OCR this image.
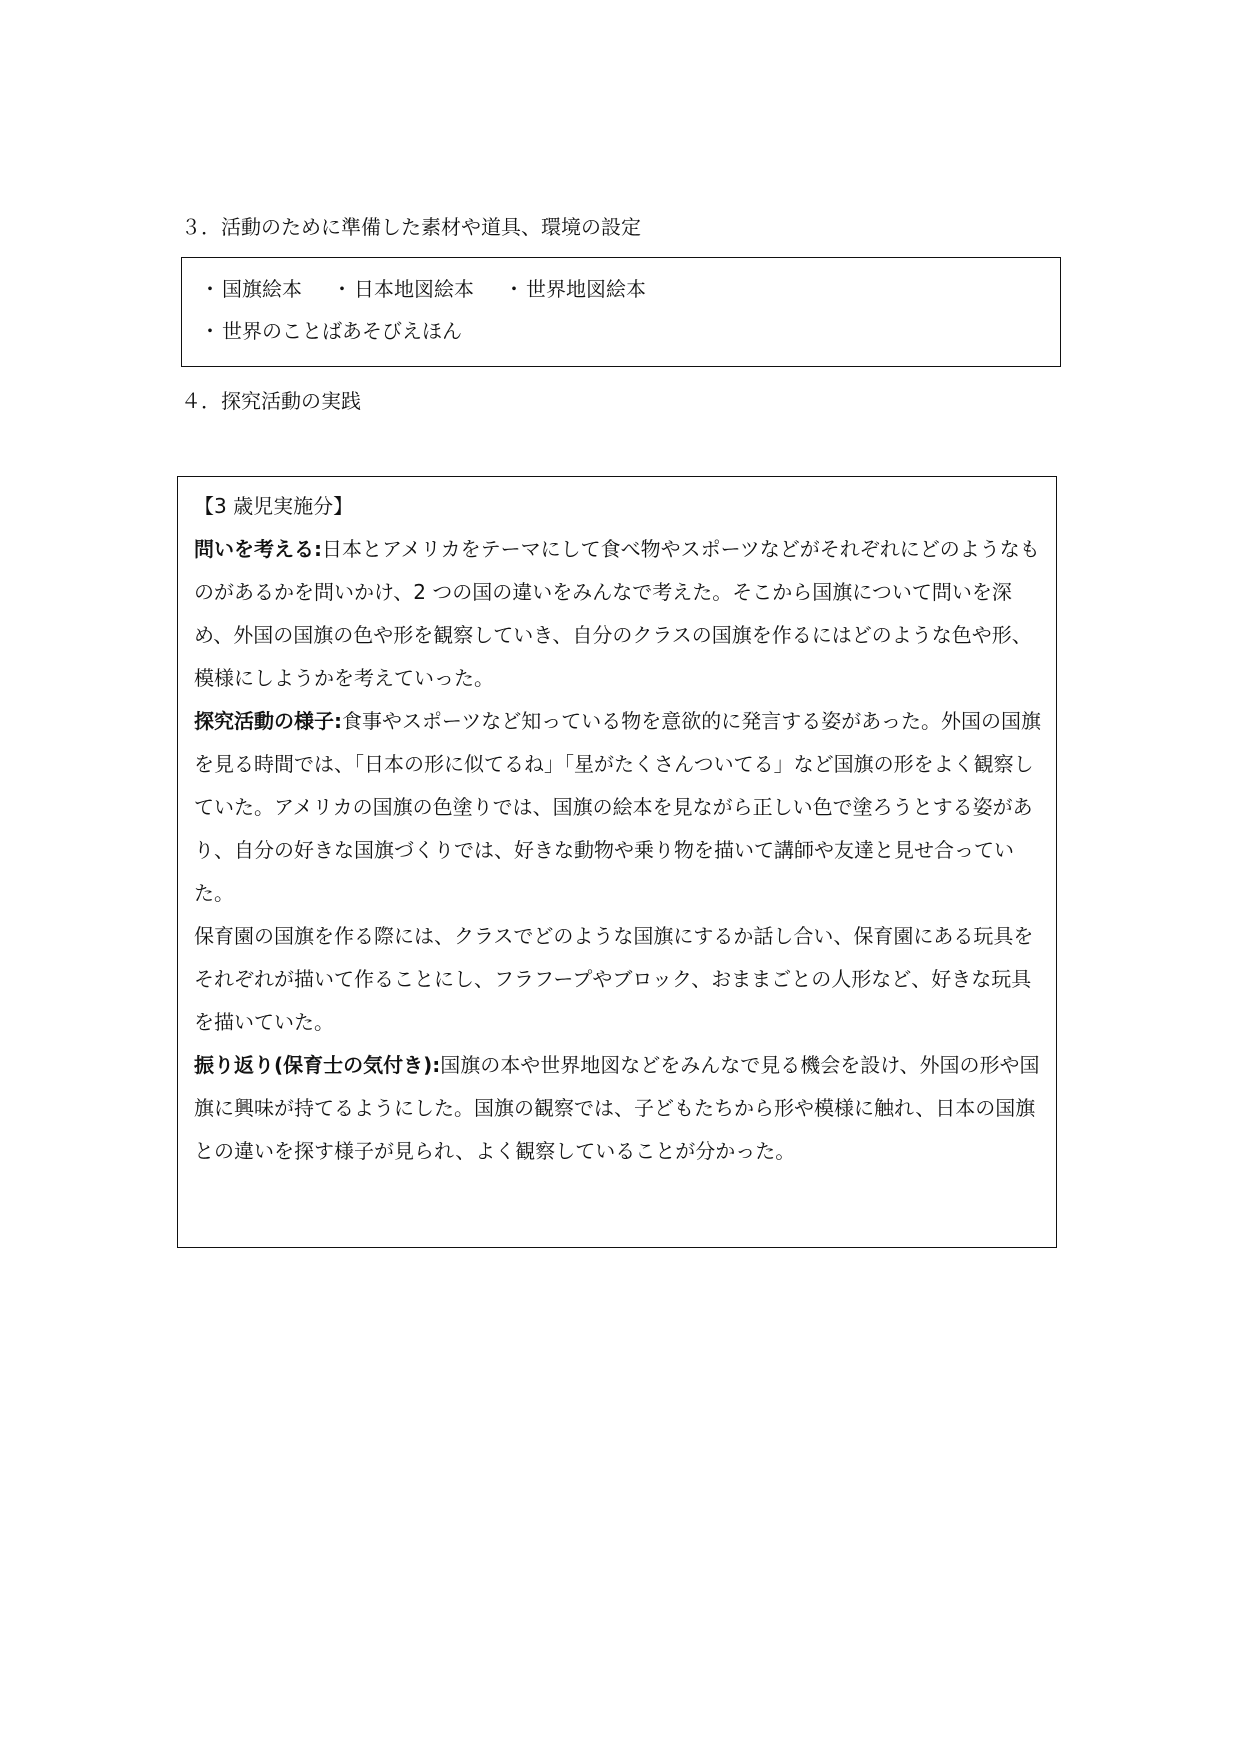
３．活動のために準備した素材や道具、環境の設定
・ 国旗絵本 ・ 日本地図絵本 ・ 世界地図絵本
・ 世界のことばあそびえほん
４．探究活動の実践
【3 歳児実施分】
問いを考える:日本とアメリカをテーマにして食べ物やスポーツなどがそれぞれにどのようなものがあるかを問いかけ、2 つの国の違いをみんなで考えた。そこから国旗について問いを深め、外国の国旗の色や形を観察していき、自分のクラスの国旗を作るにはどのような色や形、模様にしようかを考えていった。
探究活動の様子:食事やスポーツなど知っている物を意欲的に発言する姿があった。外国の国旗を見る時間では、「日本の形に似てるね」「星がたくさんついてる」など国旗の形をよく観察していた。アメリカの国旗の色塗りでは、国旗の絵本を見ながら正しい色で塗ろうとする姿があり、自分の好きな国旗づくりでは、好きな動物や乗り物を描いて講師や友達と見せ合っていた。
保育園の国旗を作る際には、クラスでどのような国旗にするか話し合い、保育園にある玩具をそれぞれが描いて作ることにし、フラフープやブロック、おままごとの人形など、好きな玩具を描いていた。
振り返り(保育士の気付き):国旗の本や世界地図などをみんなで見る機会を設け、外国の形や国旗に興味が持てるようにした。国旗の観察では、子どもたちから形や模様に触れ、日本の国旗との違いを探す様子が見られ、よく観察していることが分かった。
